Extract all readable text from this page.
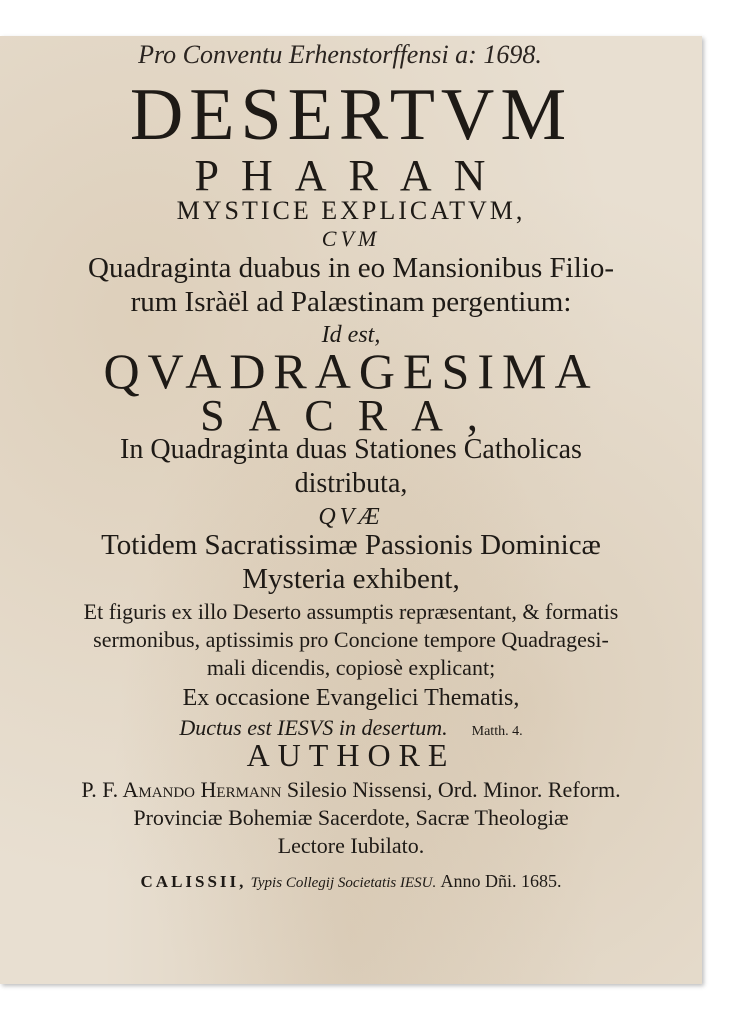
Pro Conventu Erhenstorffensi a: 1698.
DESERTVM
PHARAN
MYSTICE EXPLICATVM,
CVM
Quadraginta duabus in eo Mansionibus Filio-
rum Isràël ad Palæstinam pergentium:
Id est,
QVADRAGESIMA
SACRA,
In Quadraginta duas Stationes Catholicas
distributa,
QVÆ
Totidem Sacratissimæ Passionis Dominicæ
Mysteria exhibent,
Et figuris ex illo Deserto assumptis repræsentant, & formatis
sermonibus, aptissimis pro Concione tempore Quadragesi-
mali dicendis, copiosè explicant;
Ex occasione Evangelici Thematis,
Ductus est IESVS in desertum. Matth. 4.
AUTHORE
P. F. Amando Hermann Silesio Nissensi, Ord. Minor. Reform.
Provinciæ Bohemiæ Sacerdote, Sacræ Theologiæ
Lectore Iubilato.
CALISSII, Typis Collegij Societatis IESU. Anno Dñi. 1685.
